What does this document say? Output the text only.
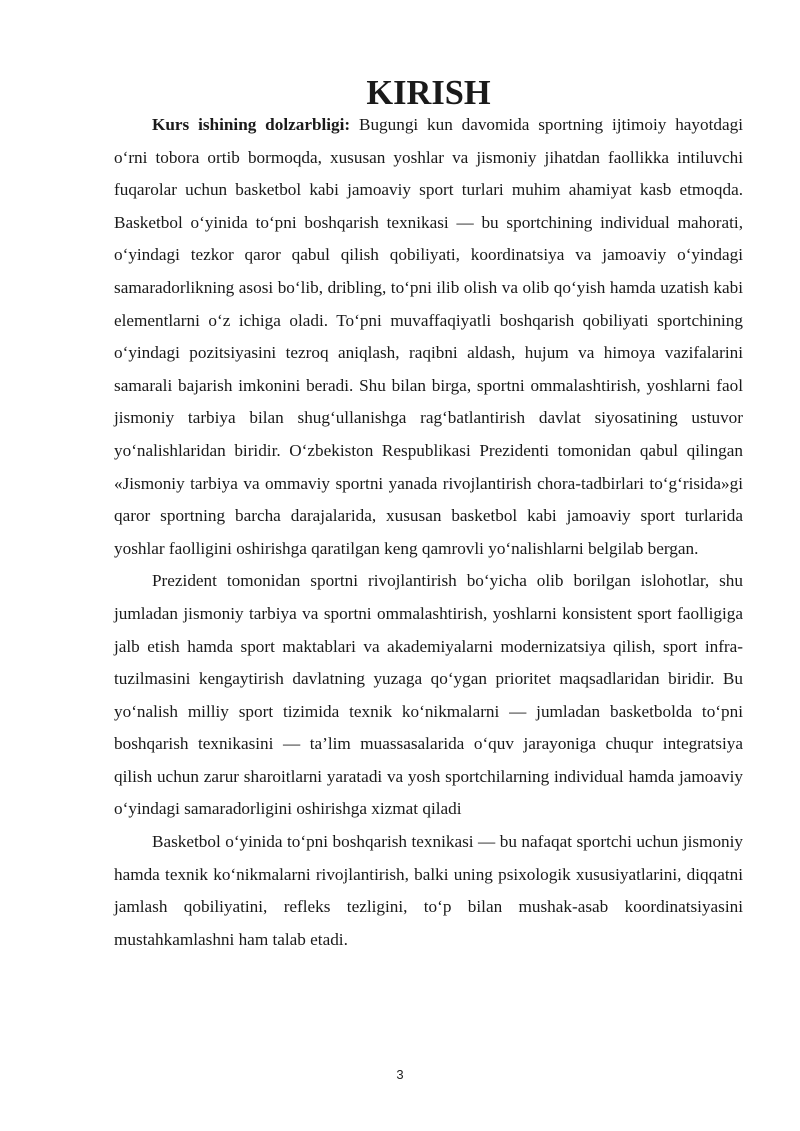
KIRISH

Kurs ishining dolzarbligi: Bugungi kun davomida sportning ijtimoiy hayotdagi o‘rni tobora ortib bormoqda, xususan yoshlar va jismoniy jihatdan faollikka intiluvchi fuqarolar uchun basketbol kabi jamoaviy sport turlari muhim ahamiyat kasb etmoqda. Basketbol o‘yinida to‘pni boshqarish texnikasi — bu sportchining individual mahorati, o‘yindagi tezkor qaror qabul qilish qobiliyati, koordinatsiya va jamoaviy o‘yindagi samaradorlikning asosi bo‘lib, dribling, to‘pni ilib olish va olib qo‘yish hamda uzatish kabi elementlarni o‘z ichiga oladi. To‘pni muvaffaqiyatli boshqarish qobiliyati sportchining o‘yindagi pozitsiyasini tezroq aniqlash, raqibni aldash, hujum va himoya vazifalarini samarali bajarish imkonini beradi. Shu bilan birga, sportni ommalashtirish, yoshlarni faol jismoniy tarbiya bilan shug‘ullanishga rag‘batlantirish davlat siyosatining ustuvor yo‘nalishlaridan biridir. O‘zbekiston Respublikasi Prezidenti tomonidan qabul qilingan «Jismoniy tarbiya va ommaviy sportni yanada rivojlantirish chora-tadbirlari to‘g‘risida»gi qaror sportning barcha darajalarida, xususan basketbol kabi jamoaviy sport turlarida yoshlar faolligini oshirishga qaratilgan keng qamrovli yo‘nalishlarni belgilab bergan.

Prezident tomonidan sportni rivojlantirish bo‘yicha olib borilgan islohotlar, shu jumladan jismoniy tarbiya va sportni ommalashtirish, yoshlarni konsistent sport faolligiga jalb etish hamda sport maktablari va akademiyalarni modernizatsiya qilish, sport infra-tuzilmasini kengaytirish davlatning yuzaga qo‘ygan prioritet maqsadlaridan biridir. Bu yo‘nalish milliy sport tizimida texnik ko‘nikmalarni — jumladan basketbolda to‘pni boshqarish texnikasini — ta’lim muassasalarida o‘quv jarayoniga chuqur integratsiya qilish uchun zarur sharoitlarni yaratadi va yosh sportchilarning individual hamda jamoaviy o‘yindagi samaradorligini oshirishga xizmat qiladi

Basketbol o‘yinida to‘pni boshqarish texnikasi — bu nafaqat sportchi uchun jismoniy hamda texnik ko‘nikmalarni rivojlantirish, balki uning psixologik xususiyatlarini, diqqatni jamlash qobiliyatini, refleks tezligini, to‘p bilan mushak-asab koordinatsiyasini mustahkamlashni ham talab etadi.

3
